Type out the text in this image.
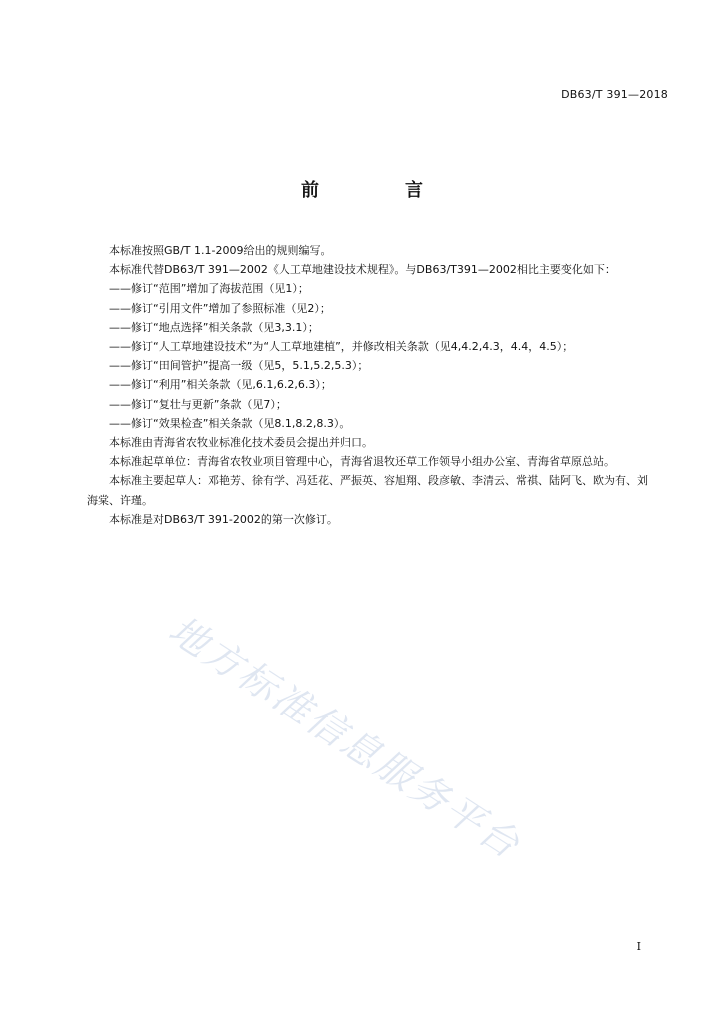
DB63/T 391—2018
前　言

本标准按照GB/T 1.1-2009给出的规则编写。

本标准代替DB63/T 391—2002《人工草地建设技术规程》。与DB63/T391—2002相比主要变化如下：

——修订“范围”增加了海拔范围（见1）；

——修订“引用文件”增加了参照标准（见2）；

——修订“地点选择”相关条款（见3,3.1）；

——修订“人工草地建设技术”为“人工草地建植”，并修改相关条款（见4,4.2,4.3，4.4，4.5）；

——修订“田间管护”提高一级（见5，5.1,5.2,5.3）；

——修订“利用”相关条款（见,6.1,6.2,6.3）；

——修订“复壮与更新”条款（见7）；

——修订“效果检查”相关条款（见8.1,8.2,8.3）。

本标准由青海省农牧业标准化技术委员会提出并归口。

本标准起草单位：青海省农牧业项目管理中心，青海省退牧还草工作领导小组办公室、青海省草原总站。

本标准主要起草人：邓艳芳、徐有学、冯廷花、严振英、容旭翔、段彦敏、李清云、常祺、陆阿飞、欧为有、刘海棠、许瑾。

本标准是对DB63/T 391-2002的第一次修订。

地方标准信息服务平台
I
